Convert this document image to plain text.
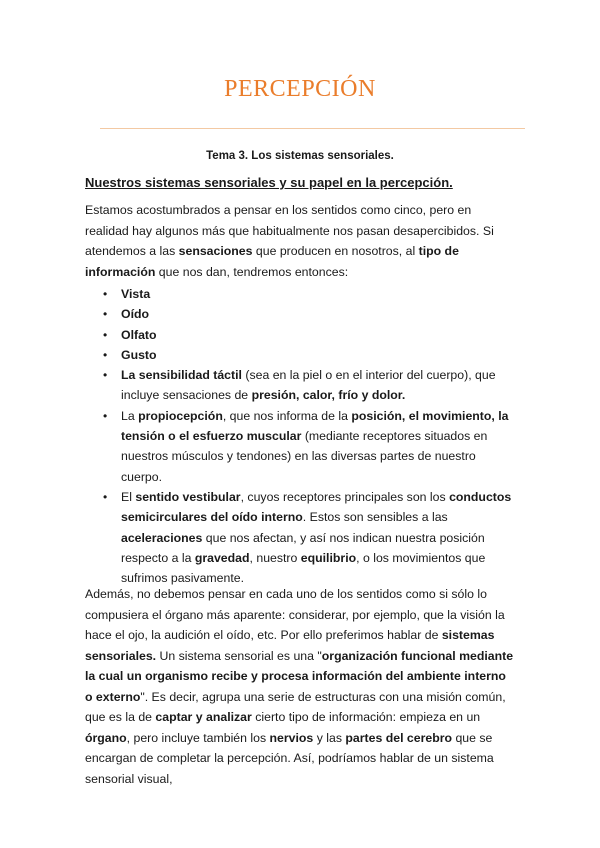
PERCEPCIÓN
Tema 3. Los sistemas sensoriales.
Nuestros sistemas sensoriales y su papel en la percepción.

Estamos acostumbrados a pensar en los sentidos como cinco, pero en realidad hay algunos más que habitualmente nos pasan desapercibidos. Si atendemos a las sensaciones que producen en nosotros, al tipo de información que nos dan, tendremos entonces:

• Vista
• Oído
• Olfato
• Gusto
• La sensibilidad táctil (sea en la piel o en el interior del cuerpo), que incluye sensaciones de presión, calor, frío y dolor.
• La propiocepción, que nos informa de la posición, el movimiento, la tensión o el esfuerzo muscular (mediante receptores situados en nuestros músculos y tendones) en las diversas partes de nuestro cuerpo.
• El sentido vestibular, cuyos receptores principales son los conductos semicirculares del oído interno. Estos son sensibles a las aceleraciones que nos afectan, y así nos indican nuestra posición respecto a la gravedad, nuestro equilibrio, o los movimientos que sufrimos pasivamente.

Además, no debemos pensar en cada uno de los sentidos como si sólo lo compusiera el órgano más aparente: considerar, por ejemplo, que la visión la hace el ojo, la audición el oído, etc. Por ello preferimos hablar de sistemas sensoriales. Un sistema sensorial es una "organización funcional mediante la cual un organismo recibe y procesa información del ambiente interno o externo". Es decir, agrupa una serie de estructuras con una misión común, que es la de captar y analizar cierto tipo de información: empieza en un órgano, pero incluye también los nervios y las partes del cerebro que se encargan de completar la percepción. Así, podríamos hablar de un sistema sensorial visual,
